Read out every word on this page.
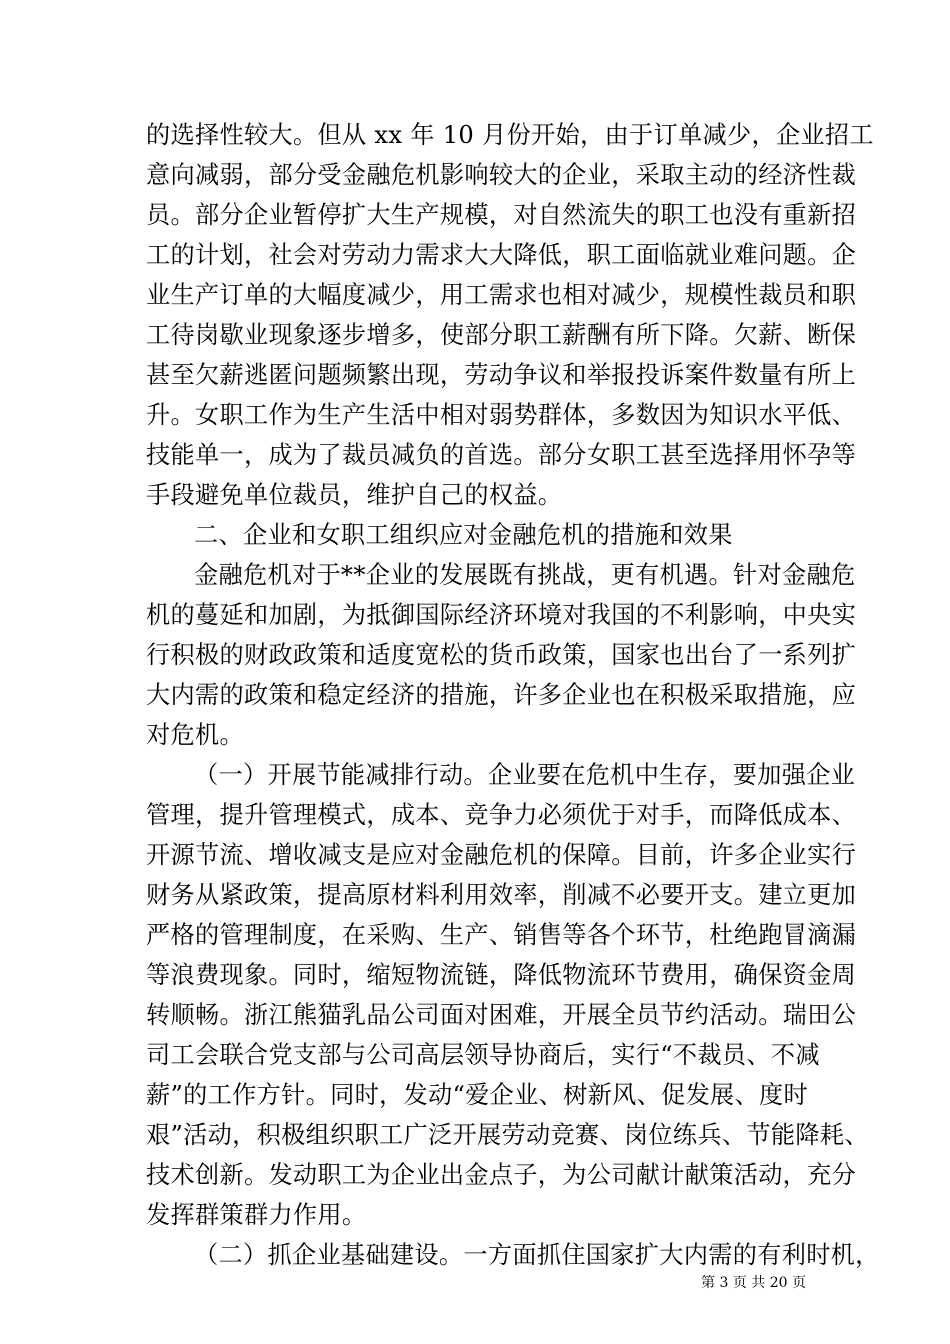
的选择性较大。但从 xx 年 10 月份开始，由于订单减少，企业招工
意向减弱，部分受金融危机影响较大的企业，采取主动的经济性裁
员。部分企业暂停扩大生产规模，对自然流失的职工也没有重新招
工的计划，社会对劳动力需求大大降低，职工面临就业难问题。企
业生产订单的大幅度减少，用工需求也相对减少，规模性裁员和职
工待岗歇业现象逐步增多，使部分职工薪酬有所下降。欠薪、断保
甚至欠薪逃匿问题频繁出现，劳动争议和举报投诉案件数量有所上
升。女职工作为生产生活中相对弱势群体，多数因为知识水平低、
技能单一，成为了裁员减负的首选。部分女职工甚至选择用怀孕等
手段避免单位裁员，维护自己的权益。
二、企业和女职工组织应对金融危机的措施和效果
金融危机对于**企业的发展既有挑战，更有机遇。针对金融危
机的蔓延和加剧，为抵御国际经济环境对我国的不利影响，中央实
行积极的财政政策和适度宽松的货币政策，国家也出台了一系列扩
大内需的政策和稳定经济的措施，许多企业也在积极采取措施，应
对危机。
（一）开展节能减排行动。企业要在危机中生存，要加强企业
管理，提升管理模式，成本、竞争力必须优于对手，而降低成本、
开源节流、增收减支是应对金融危机的保障。目前，许多企业实行
财务从紧政策，提高原材料利用效率，削减不必要开支。建立更加
严格的管理制度，在采购、生产、销售等各个环节，杜绝跑冒滴漏
等浪费现象。同时，缩短物流链，降低物流环节费用，确保资金周
转顺畅。浙江熊猫乳品公司面对困难，开展全员节约活动。瑞田公
司工会联合党支部与公司高层领导协商后，实行“不裁员、不减
薪”的工作方针。同时，发动“爱企业、树新风、促发展、度时
艰”活动，积极组织职工广泛开展劳动竞赛、岗位练兵、节能降耗、
技术创新。发动职工为企业出金点子，为公司献计献策活动，充分
发挥群策群力作用。
（二）抓企业基础建设。一方面抓住国家扩大内需的有利时机，
第 3 页 共 20 页
